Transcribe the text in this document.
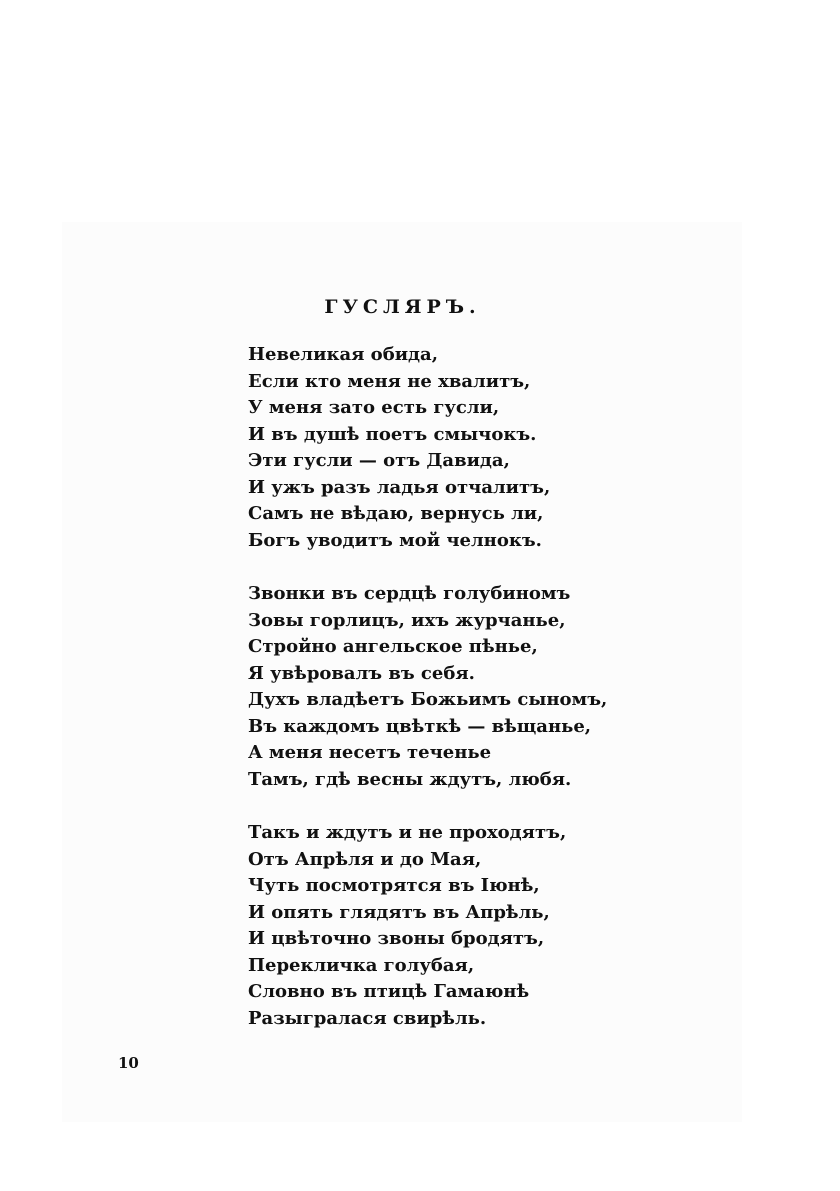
ГУСЛЯРЪ.
Невеликая обида,
Если кто меня не хвалитъ,
У меня зато есть гусли,
И въ душѣ поетъ смычокъ.
Эти гусли — отъ Давида,
И ужъ разъ ладья отчалитъ,
Самъ не вѣдаю, вернусь ли,
Богъ уводитъ мой челнокъ.
Звонки въ сердцѣ голубиномъ
Зовы горлицъ, ихъ журчанье,
Стройно ангельское пѣнье,
Я увѣровалъ въ себя.
Духъ владѣетъ Божьимъ сыномъ,
Въ каждомъ цвѣткѣ — вѣщанье,
А меня несетъ теченье
Тамъ, гдѣ весны ждутъ, любя.
Такъ и ждутъ и не проходятъ,
Отъ Апрѣля и до Мая,
Чуть посмотрятся въ Іюнѣ,
И опять глядятъ въ Апрѣль,
И цвѣточно звоны бродятъ,
Перекличка голубая,
Словно въ птицѣ Гамаюнѣ
Разыгралася свирѣль.
10
